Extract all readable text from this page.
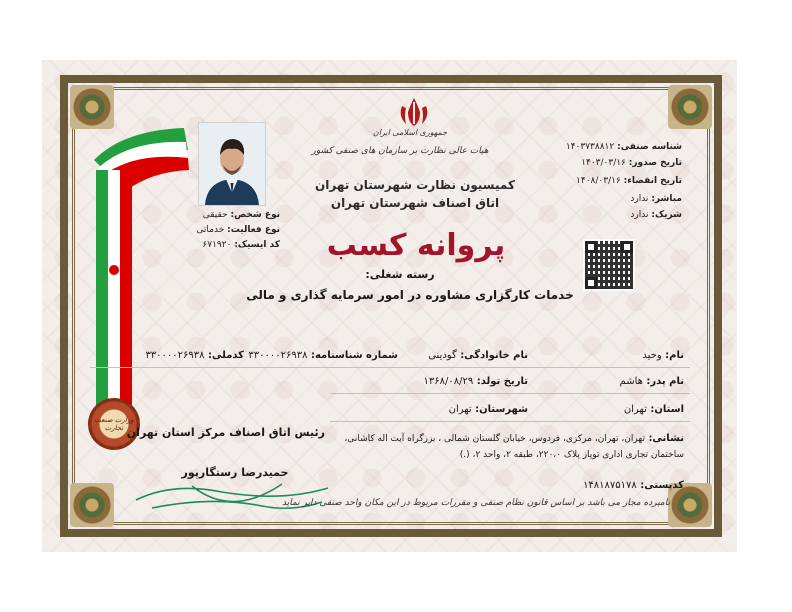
وزارت صنعت تجارت
جمهوری اسلامی ایران
هیات عالی نظارت بر سازمان های صنفی کشور
کمیسیون نظارت شهرستان تهران
اتاق اصناف شهرستان تهران
پروانه کسب
رسته شغلی:
خدمات کارگزاری مشاوره در امور سرمایه گذاری و مالی
شناسه صنفی: ۱۴۰۳۷۳۸۸۱۲
تاریخ صدور: ۱۴۰۳/۰۳/۱۶
تاریخ انقضاء: ۱۴۰۸/۰۳/۱۶
مباشر: ندارد
شریک: ندارد
نوع شخص: حقیقی
نوع فعالیت: خدماتی
کد ایسیک: ۶۷۱۹۲۰
نام: وحید
نام خانوادگی: گودینی
شماره شناسنامه: ۳۳۰۰۰۰۲۶۹۳۸
کدملی: ۳۳۰۰۰۰۲۶۹۳۸
نام پدر: هاشم
تاریخ تولد: ۱۳۶۸/۰۸/۲۹
استان: تهران
شهرستان: تهران
رئیس اتاق اصناف مرکز استان تهران
حمیدرضا رستگارپور
نشانی: تهران، تهران، مرکزی، فردوس، خیابان گلستان شمالی ، بزرگراه آیت اله کاشانی،
ساختمان تجاری اداری توپاز پلاک ۲۲۰،۰، طبقه ۲، واحد ۲، (.)
کدپستی: ۱۴۸۱۸۷۵۱۷۸
نامبرده مجاز می باشد بر اساس قانون نظام صنفی و مقررات مربوط در این مکان واحد صنفی دایر نماید
